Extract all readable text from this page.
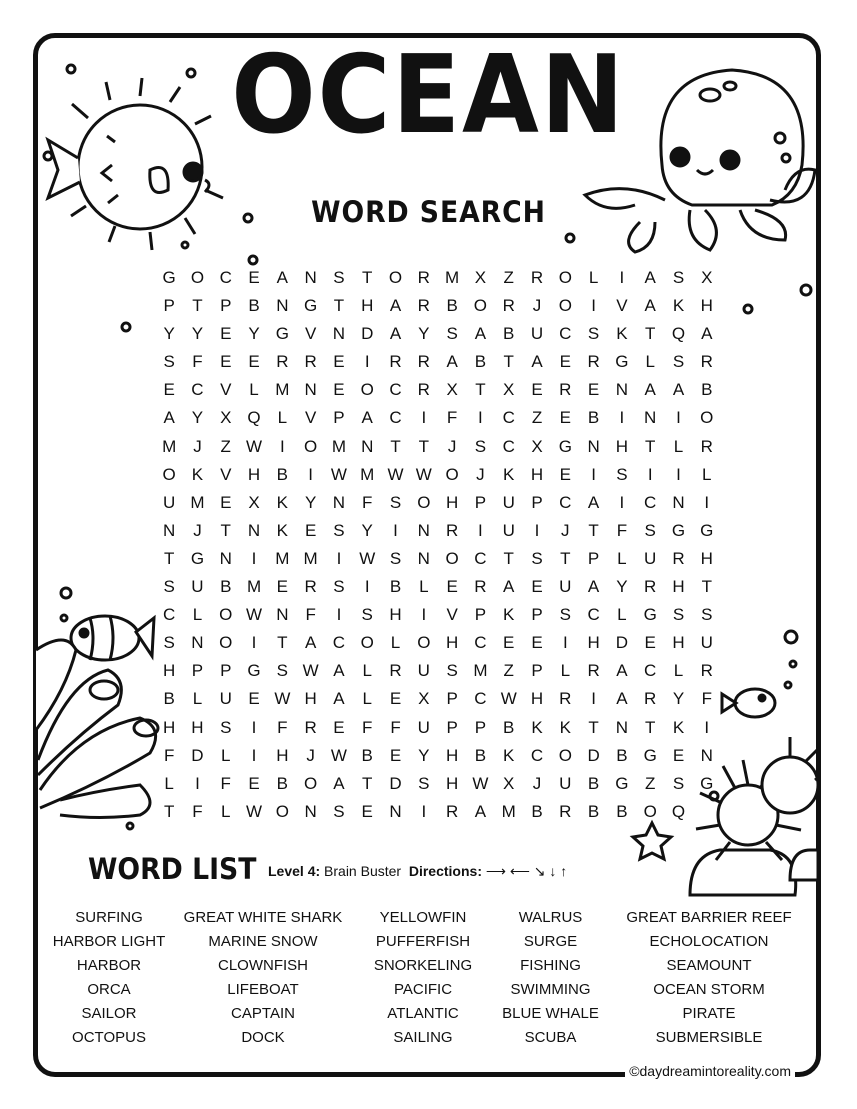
OCEAN
WORD SEARCH
G O C E A N S	T O R M X	Z R O L	I	A S X
P	T	P B N G T H A R B O R	J	O	I	V A K H
Y Y E Y G V N D A Y S A B U C S K	T Q A
S	F	E E R R E	I	R R A B	T	A E R G L	S R
E C V	L M N E O C R X	T	X E R E N A A B
A Y X Q L	V P A C	I	F	I	C Z	E B	I	N	I	O
M J	Z W	I	O M N T	T	J	S C X G N H T	L	R
O K V H B	I	W M W W O	J	K H E	I	S	I	I	L
U M E X K Y N F	S O H P U P C A	I	C N	I
N	J	T N K E S Y	I	N R	I	U	I	J	T	F	S G G
T G N	I	M M	I	W S N O C T	S	T	P	L	U R H
S U B M E R S	I	B	L	E R A E U A Y R H T
C	L O W N F	I	S H	I	V P K P S C	L G S S
S N O	I	T	A C O L O H C E E	I	H D E H U
H P P G S W A	L	R U S M Z	P	L	R A C	L	R
B	L	U E W H A	L	E X P C W H R	I	A R Y	F
H H S	I	F R E	F	F U P P B K K	T N T	K	I
F D	L	I	H	J W B E Y H B K C O D B G E N
L	I	F	E B O A	T D S H W X	J	U B G Z	S G
T	F	L W O N S E N	I	R A M B R B B O Q
WORD LIST Level 4: Brain Buster Directions: ⟶ ⟵ ↘ ↓ ↑
SURFING	GREAT WHITE SHARK	YELLOWFIN	WALRUS	GREAT BARRIER REEF
HARBOR LIGHT	MARINE SNOW	PUFFERFISH	SURGE	ECHOLOCATION
HARBOR	CLOWNFISH	SNORKELING	FISHING	SEAMOUNT
ORCA	LIFEBOAT	PACIFIC	SWIMMING	OCEAN STORM
SAILOR	CAPTAIN	ATLANTIC	BLUE WHALE	PIRATE
OCTOPUS	DOCK	SAILING	SCUBA	SUBMERSIBLE
©daydreamintoreality.com
